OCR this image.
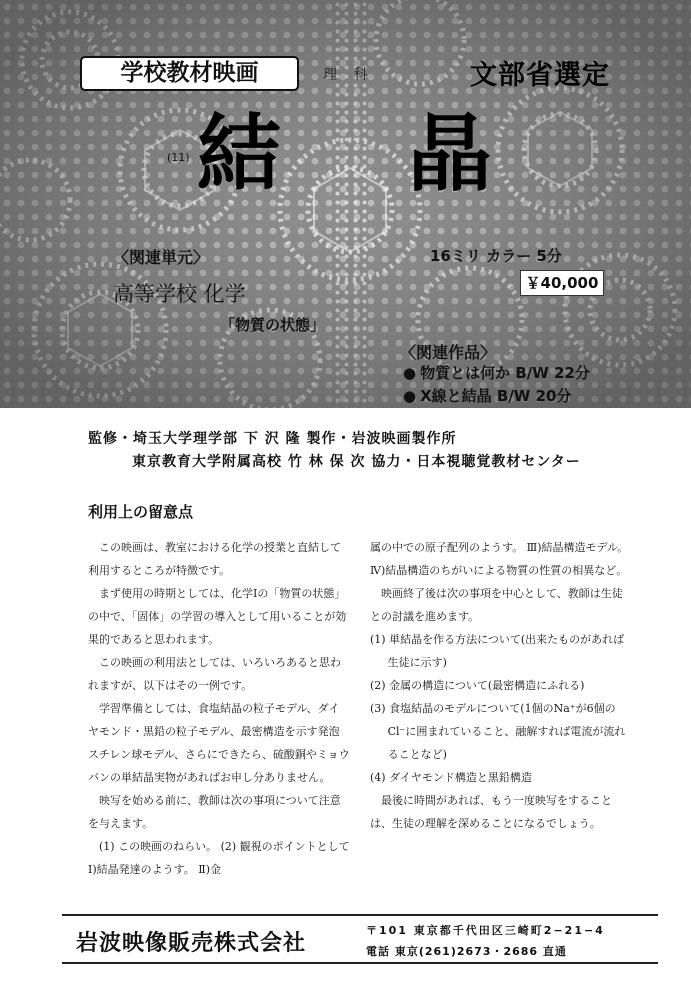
学校教材映画	理 科	文部省選定
(11) 結 晶
〈関連単元〉	16ミリ カラー 5分
￥40,000
高等学校 化学
「物質の状態」
〈関連作品〉
● 物質とは何か B/W 22分
● X線と結晶 B/W 20分
監修・埼玉大学理学部 下 沢 隆 製作・岩波映画製作所
東京教育大学附属高校 竹 林 保 次 協力・日本視聴覚教材センター
利用上の留意点

この映画は、教室における化学の授業と直結して利用するところが特徴です。

まず使用の時期としては、化学Ⅰの「物質の状態」の中で、「固体」の学習の導入として用いることが効果的であると思われます。

この映画の利用法としては、いろいろあると思われますが、以下はその一例です。

学習準備としては、食塩結晶の粒子モデル、ダイヤモンド・黒鉛の粒子モデル、最密構造を示す発泡スチレン球モデル、さらにできたら、硫酸銅やミョウバンの単結晶実物があればお申し分ありません。

映写を始める前に、教師は次の事項について注意を与えます。

(1) この映画のねらい。 (2) 観視のポイントとして Ⅰ)結晶発達のようす。 Ⅱ)金

属の中での原子配列のようす。 Ⅲ)結晶構造モデル。 Ⅳ)結晶構造のちがいによる物質の性質の相異など。

映画終了後は次の事項を中心として、教師は生徒との討議を進めます。

(1) 単結晶を作る方法について(出来たものがあれば生徒に示す)

(2) 金属の構造について(最密構造にふれる)

(3) 食塩結晶のモデルについて(1個のNa⁺が6個のCl⁻に囲まれていること、融解すれば電流が流れることなど)

(4) ダイヤモンド構造と黒鉛構造

最後に時間があれば、もう一度映写をすることは、生徒の理解を深めることになるでしょう。

岩波映像販売株式会社
〒101 東京都千代田区三崎町2−21−4
電話 東京(261)2673・2686 直通
